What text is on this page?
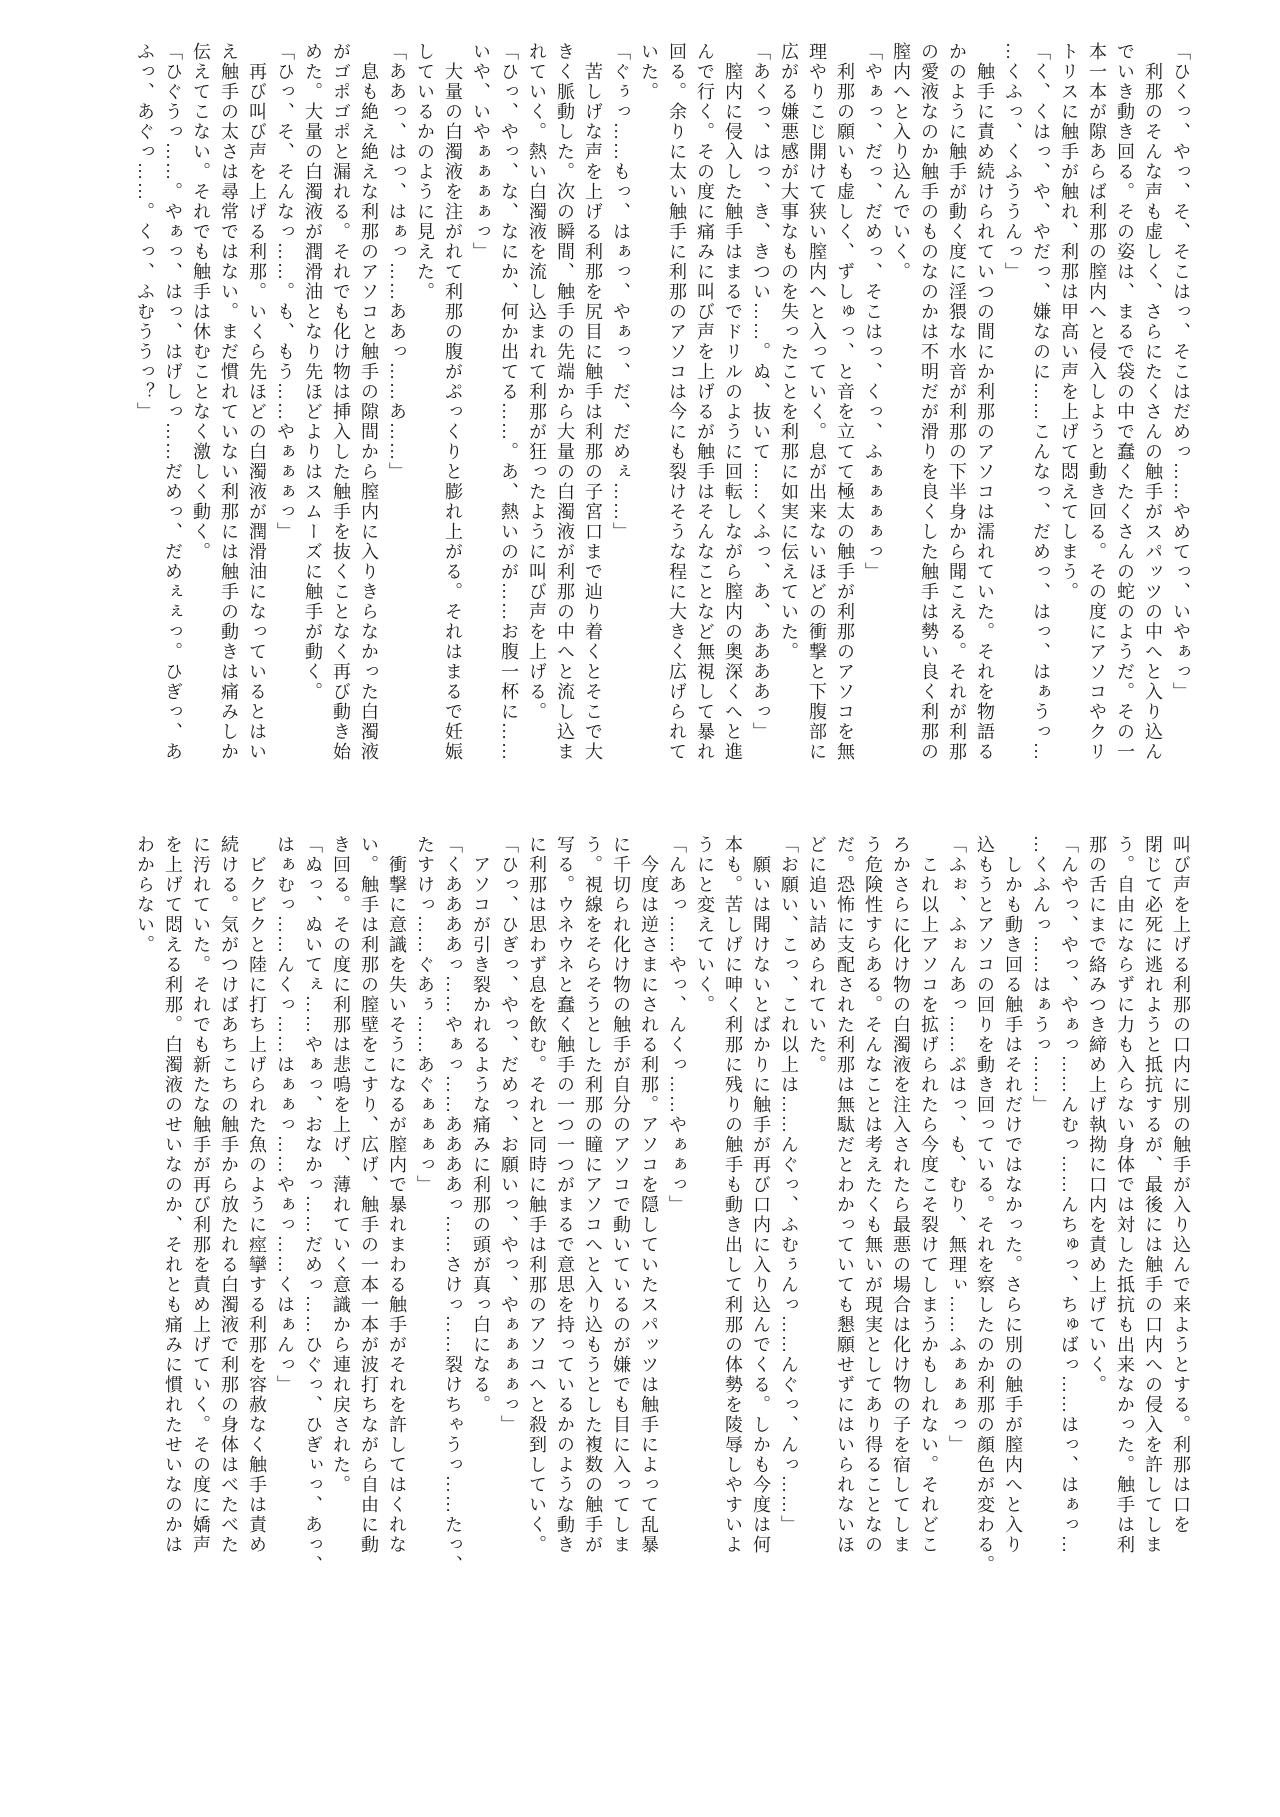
「ひくっ、やっ、そ、そこはっ、そこはだめっ……やめてっ、いやぁっ」
　利那のそんな声も虚しく、さらにたくさんの触手がスパッツの中へと入り込ん
でいき動き回る。その姿は、まるで袋の中で蠢くたくさんの蛇のようだ。その一
本一本が隙あらば利那の膣内へと侵入しようと動き回る。その度にアソコやクリ
トリスに触手が触れ、利那は甲高い声を上げて悶えてしまう。
「く、くはっ、や、やだっ、嫌なのに……こんなっ、だめっ、はっ、はぁうっ…
…くふっ、くふううんっ」
　触手に責め続けられていつの間にか利那のアソコは濡れていた。それを物語る
かのように触手が動く度に淫猥な水音が利那の下半身から聞こえる。それが利那
の愛液なのか触手のものなのかは不明だが滑りを良くした触手は勢い良く利那の
膣内へと入り込んでいく。
「やぁっ、だっ、だめっ、そこはっ、くっ、ふぁぁぁぁっ」
　利那の願いも虚しく、ずしゅっ、と音を立てて極太の触手が利那のアソコを無
理やりこじ開けて狭い膣内へと入っていく。息が出来ないほどの衝撃と下腹部に
広がる嫌悪感が大事なものを失ったことを利那に如実に伝えていた。
「あくっ、はっ、き、きつい……。ぬ、抜いて……くふっ、あ、ああああっ」
　膣内に侵入した触手はまるでドリルのように回転しながら膣内の奥深くへと進
んで行く。その度に痛みに叫び声を上げるが触手はそんなことなど無視して暴れ
回る。余りに太い触手に利那のアソコは今にも裂けそうな程に大きく広げられて
いた。
「ぐぅっ……もっ、はぁっ、やぁっ、だ、だめぇ……」
　苦しげな声を上げる利那を尻目に触手は利那の子宮口まで辿り着くとそこで大
きく脈動した。次の瞬間、触手の先端から大量の白濁液が利那の中へと流し込ま
れていく。熱い白濁液を流し込まれて利那が狂ったように叫び声を上げる。
「ひっ、やっ、な、なにか、何か出てる……。あ、熱いのが……お腹一杯に……
いや、いやぁぁぁぁっ」
　大量の白濁液を注がれて利那の腹がぷっくりと膨れ上がる。それはまるで妊娠
しているかのように見えた。
「ああっ、はっ、はぁっ……ああっ……あ……」
　息も絶え絶えな利那のアソコと触手の隙間から膣内に入りきらなかった白濁液
がゴポゴポと漏れる。それでも化け物は挿入した触手を抜くことなく再び動き始
めた。大量の白濁液が潤滑油となり先ほどよりはスムーズに触手が動く。
「ひっ、そ、そんなっ……。も、もう……やぁぁぁっ」
　再び叫び声を上げる利那。いくら先ほどの白濁液が潤滑油になっているとはい
え触手の太さは尋常ではない。まだ慣れていない利那には触手の動きは痛みしか
伝えてこない。それでも触手は休むことなく激しく動く。
「ひぐうっ……。やぁっ、はっ、はげしっ……だめっ、だめぇぇっ。ひぎっ、あ
ふっ、あぐっ……。くっ、ふむううっ？」
叫び声を上げる利那の口内に別の触手が入り込んで来ようとする。利那は口を
閉じて必死に逃れようと抵抗するが、最後には触手の口内への侵入を許してしま
う。自由にならずに力も入らない身体では対した抵抗も出来なかった。触手は利
那の舌にまで絡みつき締め上げ執拗に口内を責め上げていく。
「んやっ、やっ、やぁっ……んむっ……んちゅっ、ちゅばっ……はっ、はぁっ…
…くふんっ……はぁうっ……」
　しかも動き回る触手はそれだけではなかった。さらに別の触手が膣内へと入り
込もうとアソコの回りを動き回っている。それを察したのか利那の顔色が変わる。
「ふぉ、ふぉんあっ……ぷはっ、も、むり、無理ぃ……ふぁぁぁっ」
　これ以上アソコを拡げられたら今度こそ裂けてしまうかもしれない。それどこ
ろかさらに化け物の白濁液を注入されたら最悪の場合は化け物の子を宿してしま
う危険性すらある。そんなことは考えたくも無いが現実としてあり得ることなの
だ。恐怖に支配された利那は無駄だとわかっていても懇願せずにはいられないほ
どに追い詰められていた。
「お願い、こっ、これ以上は……んぐっ、ふむぅんっ……んぐっ、んっ……」
　願いは聞けないとばかりに触手が再び口内に入り込んでくる。しかも今度は何
本も。苦しげに呻く利那に残りの触手も動き出して利那の体勢を陵辱しやすいよ
うにと変えていく。
「んあっ……やっ、んくっ……やぁぁっ」
　今度は逆さまにされる利那。アソコを隠していたスパッツは触手によって乱暴
に千切られ化け物の触手が自分のアソコで動いているのが嫌でも目に入ってしま
う。視線をそらそうとした利那の瞳にアソコへと入り込もうとした複数の触手が
写る。ウネウネと蠢く触手の一つ一つがまるで意思を持っているかのような動き
に利那は思わず息を飲む。それと同時に触手は利那のアソコへと殺到していく。
「ひっ、ひぎっ、やっ、だめっ、お願いっ、やっ、やぁぁぁぁっ」
　アソコが引き裂かれるような痛みに利那の頭が真っ白になる。
「くああああっ……やぁっ……ああああっ……さけっ……裂けちゃうっ……たっ、
たすけっ……ぐあぅ……あぐぁぁぁっ」
　衝撃に意識を失いそうになるが膣内で暴れまわる触手がそれを許してはくれな
い。触手は利那の膣壁をこすり、広げ、触手の一本一本が波打ちながら自由に動
き回る。その度に利那は悲鳴を上げ、薄れていく意識から連れ戻された。
「ぬっ、ぬいてぇ……やぁっ、おなかっ……だめっ……ひぐっ、ひぎぃっ、あっ、
はぁむっ……んくっ……はぁぁっ……やぁっ……くはぁんっ」
　ビクビクと陸に打ち上げられた魚のように痙攣する利那を容赦なく触手は責め
続ける。気がつけばあちこちの触手から放たれる白濁液で利那の身体はべたべた
に汚れていた。それでも新たな触手が再び利那を責め上げていく。その度に嬌声
を上げて悶える利那。白濁液のせいなのか、それとも痛みに慣れたせいなのかは
わからない。
